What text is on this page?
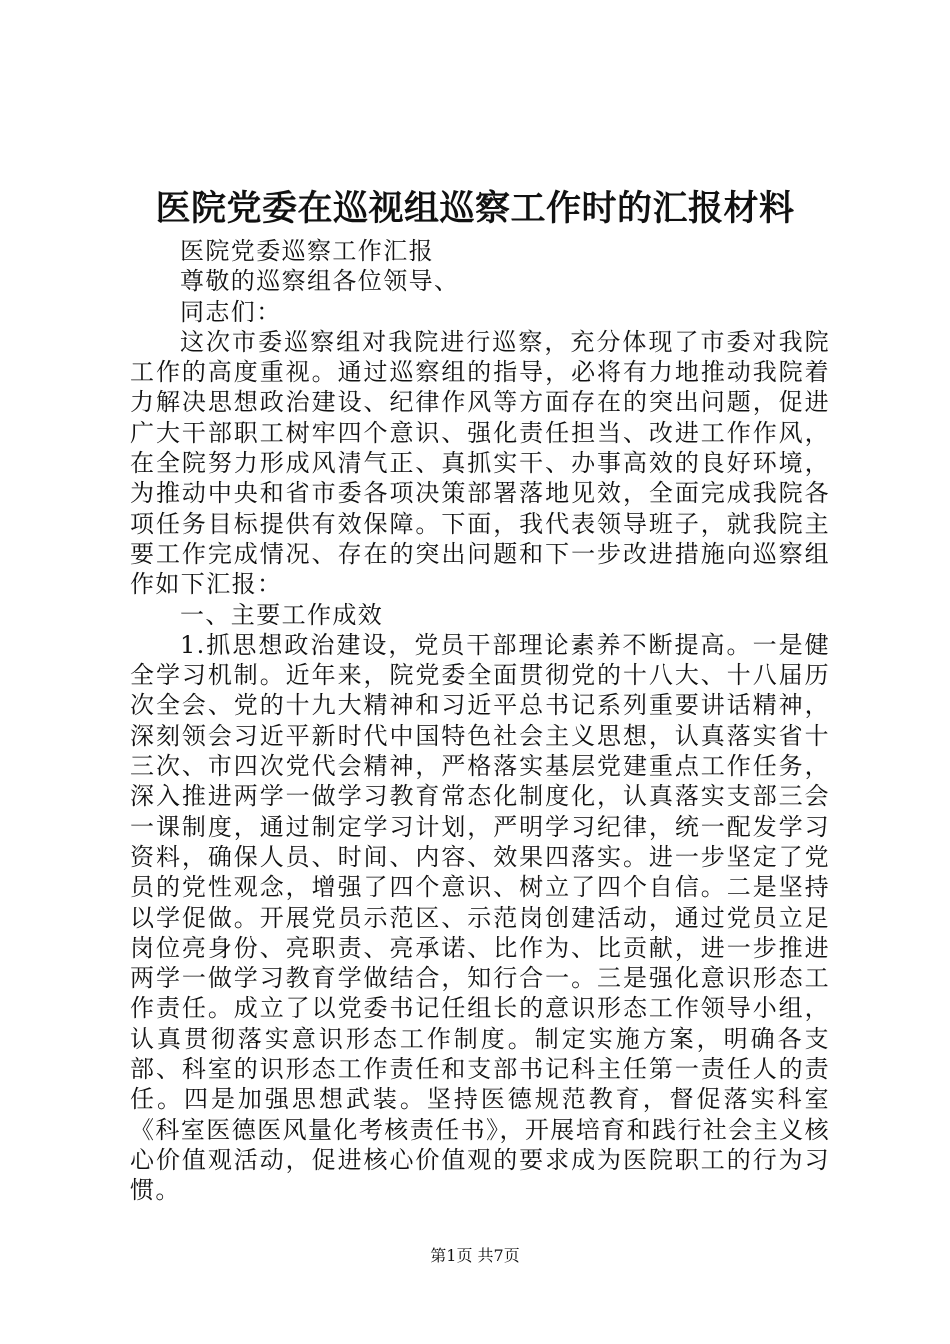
医院党委在巡视组巡察工作时的汇报材料

医院党委巡察工作汇报

尊敬的巡察组各位领导、

同志们：

这次市委巡察组对我院进行巡察，充分体现了市委对我院工作的高度重视。通过巡察组的指导，必将有力地推动我院着力解决思想政治建设、纪律作风等方面存在的突出问题，促进广大干部职工树牢四个意识、强化责任担当、改进工作作风，在全院努力形成风清气正、真抓实干、办事高效的良好环境，为推动中央和省市委各项决策部署落地见效，全面完成我院各项任务目标提供有效保障。下面，我代表领导班子，就我院主要工作完成情况、存在的突出问题和下一步改进措施向巡察组作如下汇报：

一、主要工作成效

1.抓思想政治建设，党员干部理论素养不断提高。一是健全学习机制。近年来，院党委全面贯彻党的十八大、十八届历次全会、党的十九大精神和习近平总书记系列重要讲话精神，深刻领会习近平新时代中国特色社会主义思想，认真落实省十三次、市四次党代会精神，严格落实基层党建重点工作任务，深入推进两学一做学习教育常态化制度化，认真落实支部三会一课制度，通过制定学习计划，严明学习纪律，统一配发学习资料，确保人员、时间、内容、效果四落实。进一步坚定了党员的党性观念，增强了四个意识、树立了四个自信。二是坚持以学促做。开展党员示范区、示范岗创建活动，通过党员立足岗位亮身份、亮职责、亮承诺、比作为、比贡献，进一步推进两学一做学习教育学做结合，知行合一。三是强化意识形态工作责任。成立了以党委书记任组长的意识形态工作领导小组，认真贯彻落实意识形态工作制度。制定实施方案，明确各支部、科室的识形态工作责任和支部书记科主任第一责任人的责任。四是加强思想武装。坚持医德规范教育，督促落实科室《科室医德医风量化考核责任书》，开展培育和践行社会主义核心价值观活动，促进核心价值观的要求成为医院职工的行为习惯。

第1页 共7页
